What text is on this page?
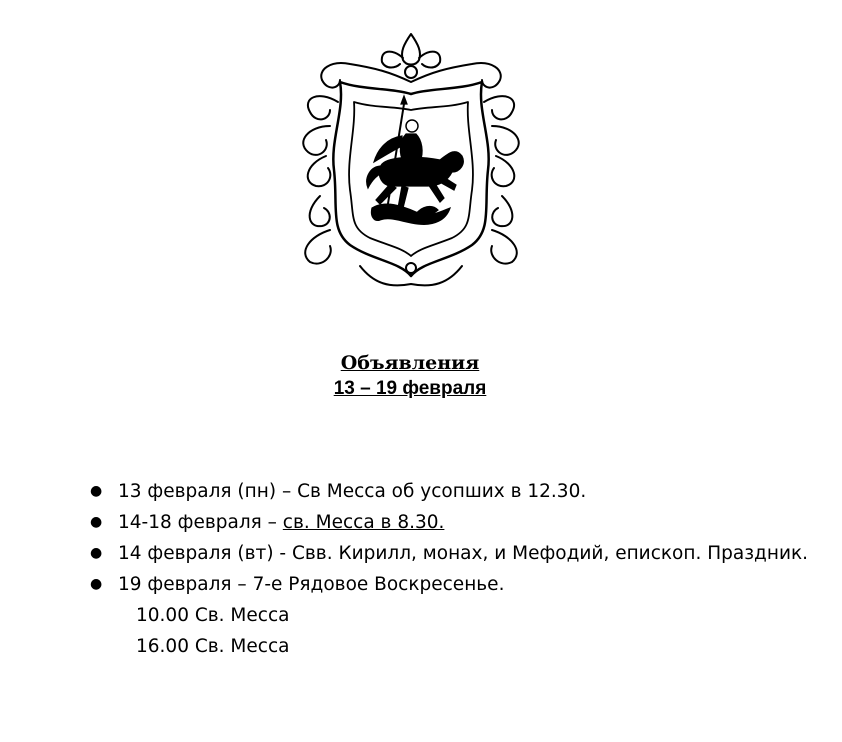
Объявления
13 – 19 февраля
● 13 февраля (пн) – Св Месса об усопших в 12.30.
● 14-18 февраля – св. Месса в 8.30.
● 14 февраля (вт) - Свв. Кирилл, монах, и Мефодий, епископ. Праздник.
● 19 февраля – 7-е Рядовое Воскресенье.
10.00 Св. Месса
16.00 Св. Месса
